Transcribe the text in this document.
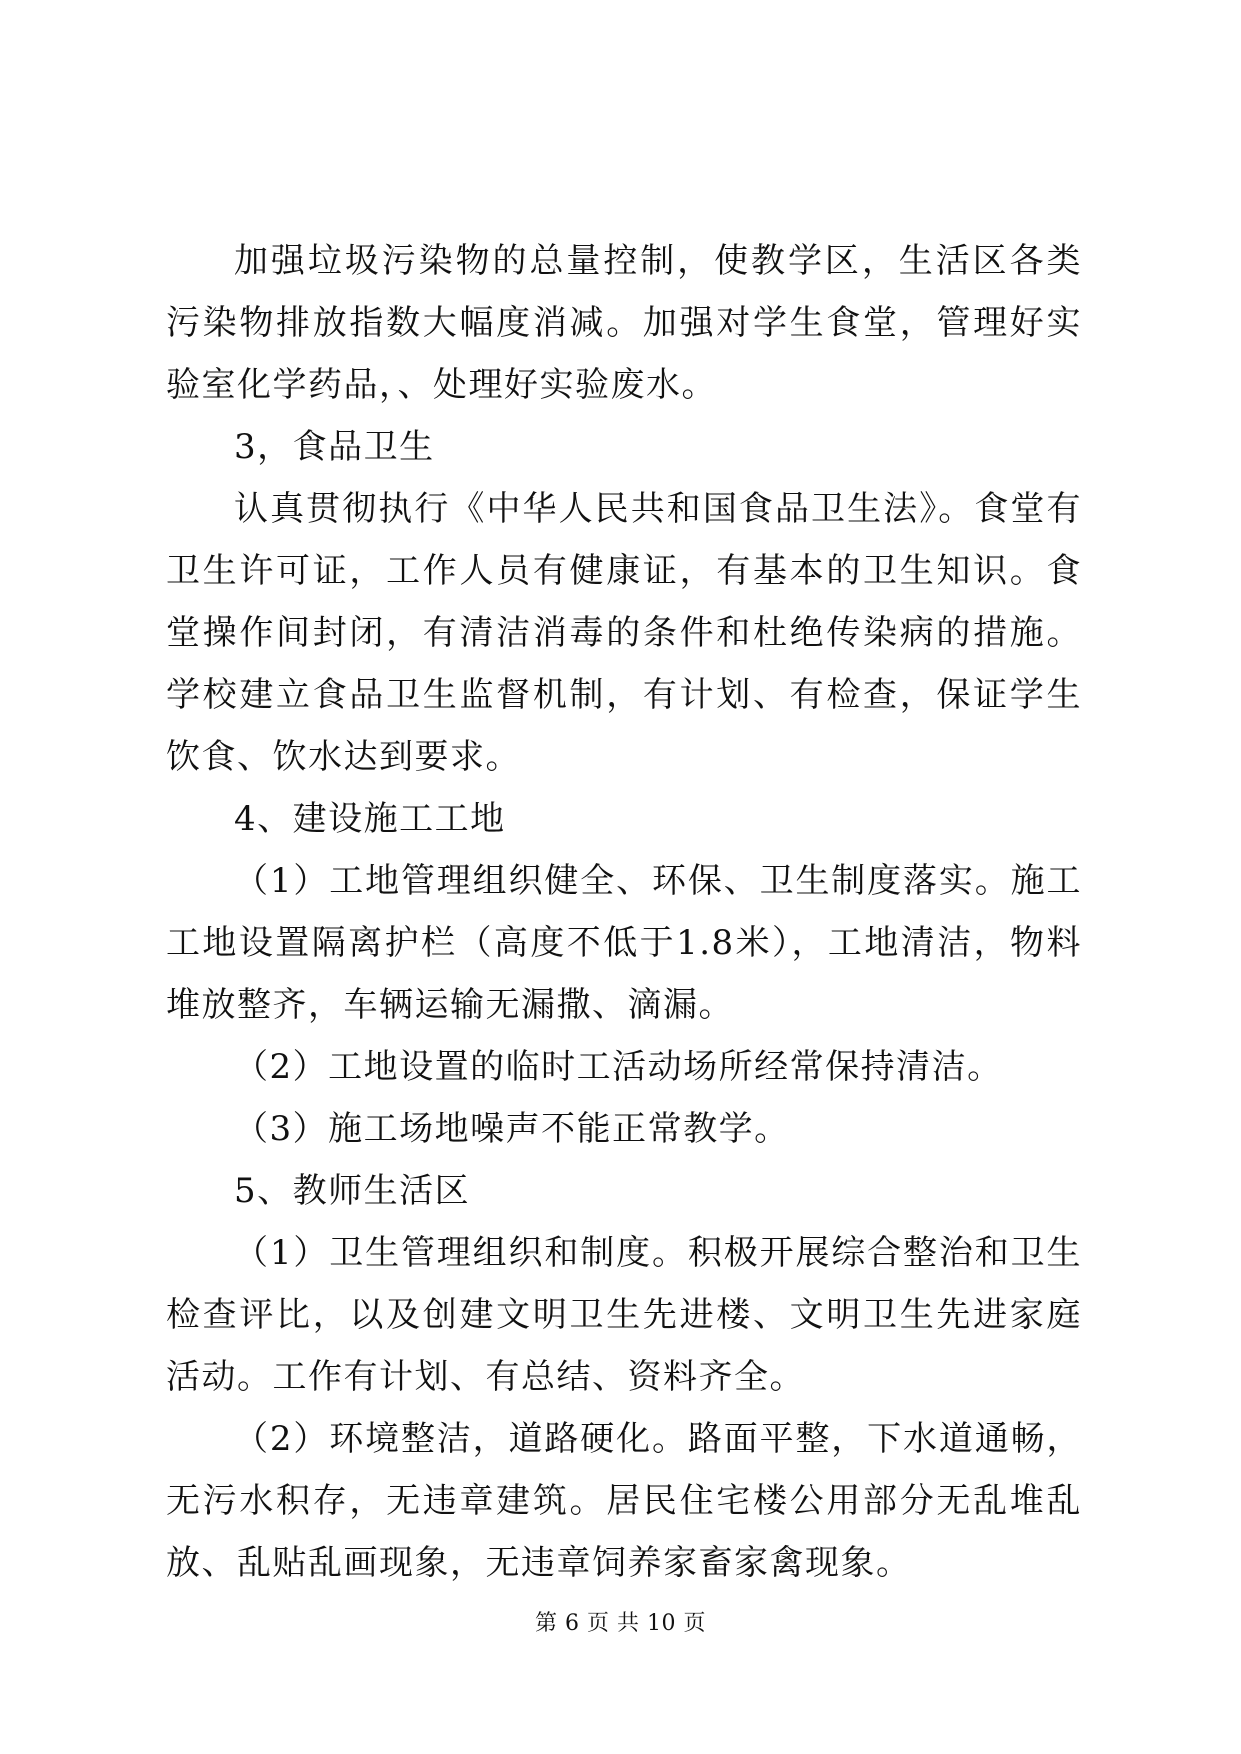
加强垃圾污染物的总量控制，使教学区，生活区各类污染物排放指数大幅度消减。加强对学生食堂，管理好实验室化学药品，、处理好实验废水。

3，食品卫生

认真贯彻执行《中华人民共和国食品卫生法》。食堂有卫生许可证，工作人员有健康证，有基本的卫生知识。食堂操作间封闭，有清洁消毒的条件和杜绝传染病的措施。学校建立食品卫生监督机制，有计划、有检查，保证学生饮食、饮水达到要求。

4、建设施工工地

（1）工地管理组织健全、环保、卫生制度落实。施工工地设置隔离护栏（高度不低于1.8米），工地清洁，物料堆放整齐，车辆运输无漏撒、滴漏。

（2）工地设置的临时工活动场所经常保持清洁。

（3）施工场地噪声不能正常教学。

5、教师生活区

（1）卫生管理组织和制度。积极开展综合整治和卫生检查评比，以及创建文明卫生先进楼、文明卫生先进家庭活动。工作有计划、有总结、资料齐全。

（2）环境整洁，道路硬化。路面平整，下水道通畅，无污水积存，无违章建筑。居民住宅楼公用部分无乱堆乱放、乱贴乱画现象，无违章饲养家畜家禽现象。

第 6 页 共 10 页
